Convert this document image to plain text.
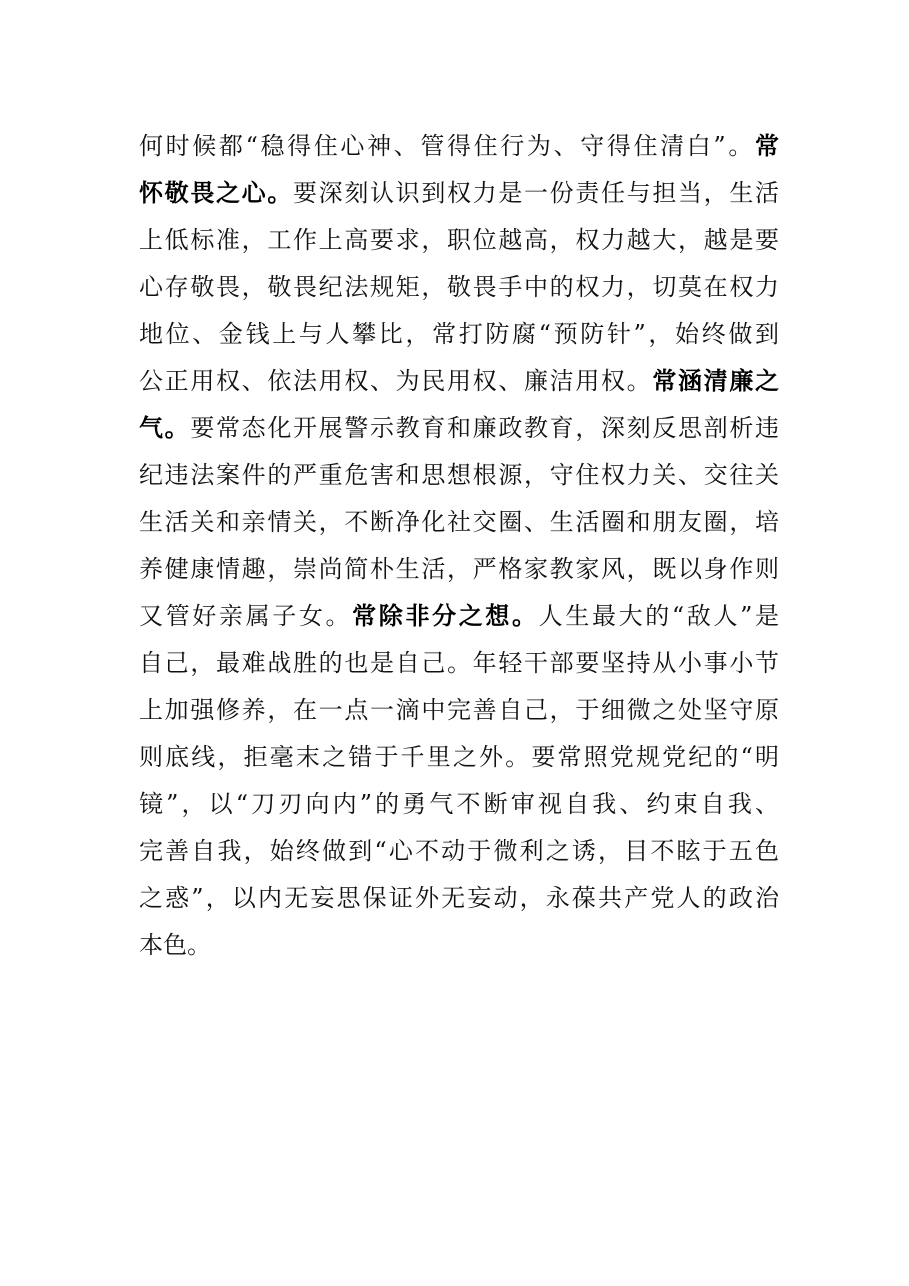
何时候都“稳得住心神、管得住行为、守得住清白”。常
怀敬畏之心。要深刻认识到权力是一份责任与担当，生活
上低标准，工作上高要求，职位越高，权力越大，越是要
心存敬畏，敬畏纪法规矩，敬畏手中的权力，切莫在权力
地位、金钱上与人攀比，常打防腐“预防针”，始终做到
公正用权、依法用权、为民用权、廉洁用权。常涵清廉之
气。要常态化开展警示教育和廉政教育，深刻反思剖析违
纪违法案件的严重危害和思想根源，守住权力关、交往关
生活关和亲情关，不断净化社交圈、生活圈和朋友圈，培
养健康情趣，崇尚简朴生活，严格家教家风，既以身作则
又管好亲属子女。常除非分之想。人生最大的“敌人”是
自己，最难战胜的也是自己。年轻干部要坚持从小事小节
上加强修养，在一点一滴中完善自己，于细微之处坚守原
则底线，拒毫末之错于千里之外。要常照党规党纪的“明
镜”，以“刀刃向内”的勇气不断审视自我、约束自我、
完善自我，始终做到“心不动于微利之诱，目不眩于五色
之惑”，以内无妄思保证外无妄动，永葆共产党人的政治
本色。
